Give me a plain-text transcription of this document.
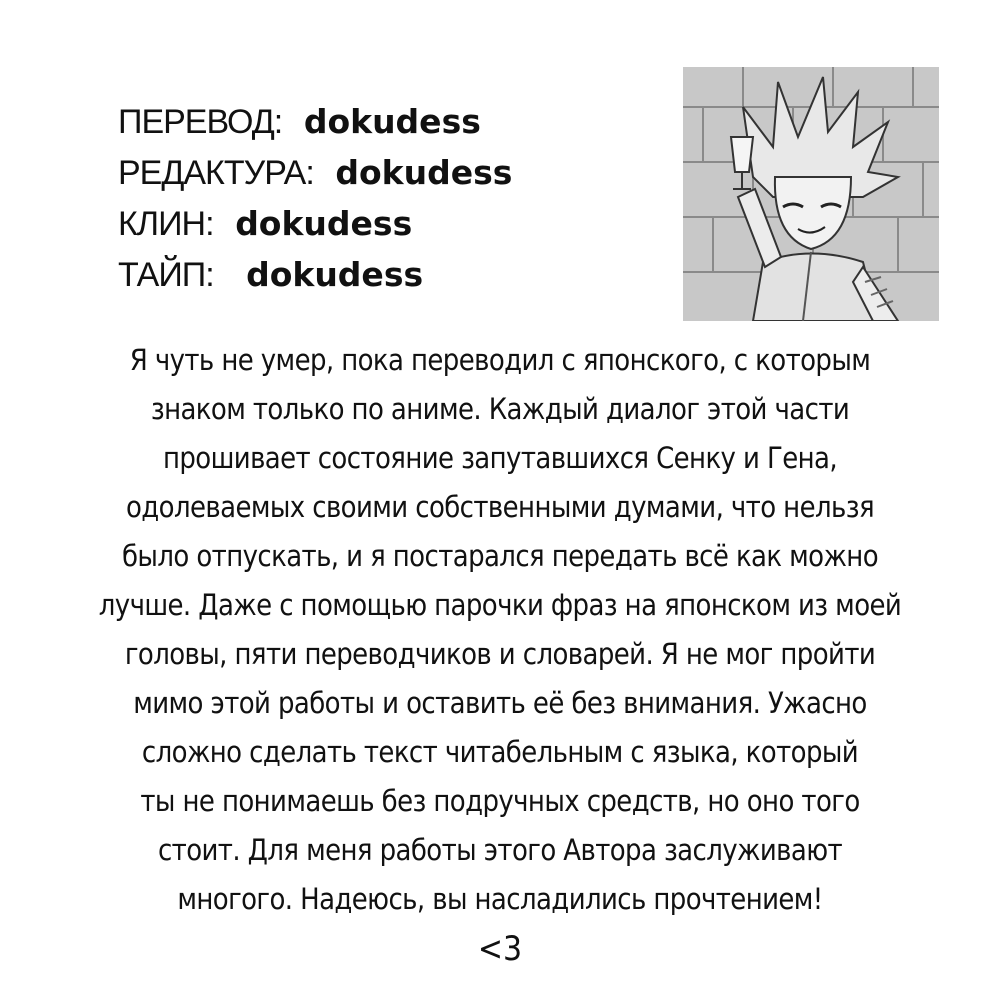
ПЕРЕВОД: dokudess
РЕДАКТУРА: dokudess
КЛИН: dokudess
ТАЙП: dokudess
Я чуть не умер, пока переводил с японского, с которым
знаком только по аниме. Каждый диалог этой части
прошивает состояние запутавшихся Сенку и Гена,
одолеваемых своими собственными думами, что нельзя
было отпускать, и я постарался передать всё как можно
лучше. Даже с помощью парочки фраз на японском из моей
головы, пяти переводчиков и словарей. Я не мог пройти
мимо этой работы и оставить её без внимания. Ужасно
сложно сделать текст читабельным с языка, который
ты не понимаешь без подручных средств, но оно того
стоит. Для меня работы этого Автора заслуживают
многого. Надеюсь, вы насладились прочтением!
<3
